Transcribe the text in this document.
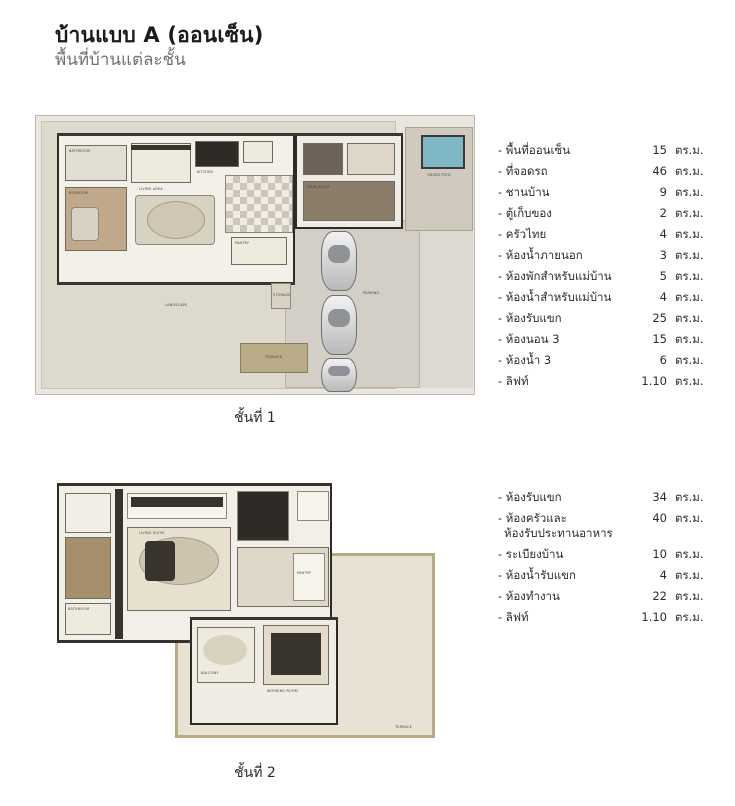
บ้านแบบ A (ออนเซ็น)
พื้นที่บ้านแต่ละชั้น
ONSEN POOL
BATHROOM
BEDROOM
KITCHEN
LIVING AREA
PANTRY
MAID ROOM
PARKING
LANDSCAPE
TERRACE
STORAGE
ชั้นที่ 1
- พื้นที่ออนเซ็น	15 ตร.ม.
- ที่จอดรถ	46 ตร.ม.
- ชานบ้าน	9 ตร.ม.
- ตู้เก็บของ	2 ตร.ม.
- ครัวไทย	4 ตร.ม.
- ห้องน้ำภายนอก	3 ตร.ม.
- ห้องพักสำหรับแม่บ้าน	5 ตร.ม.
- ห้องน้ำสำหรับแม่บ้าน	4 ตร.ม.
- ห้องรับแขก	25 ตร.ม.
- ห้องนอน 3	15 ตร.ม.
- ห้องน้ำ 3	6 ตร.ม.
- ลิฟท์	1.10 ตร.ม.
TERRACE
BATHROOM
LIVING ROOM
KITCHEN & DINING AREA
PANTRY
BALCONY
WORKING ROOM
ชั้นที่ 2
- ห้องรับแขก	34 ตร.ม.
- ห้องครัวและ	40 ตร.ม.
ห้องรับประทานอาหาร
- ระเบียงบ้าน	10 ตร.ม.
- ห้องน้ำรับแขก	4 ตร.ม.
- ห้องทำงาน	22 ตร.ม.
- ลิฟท์	1.10 ตร.ม.
